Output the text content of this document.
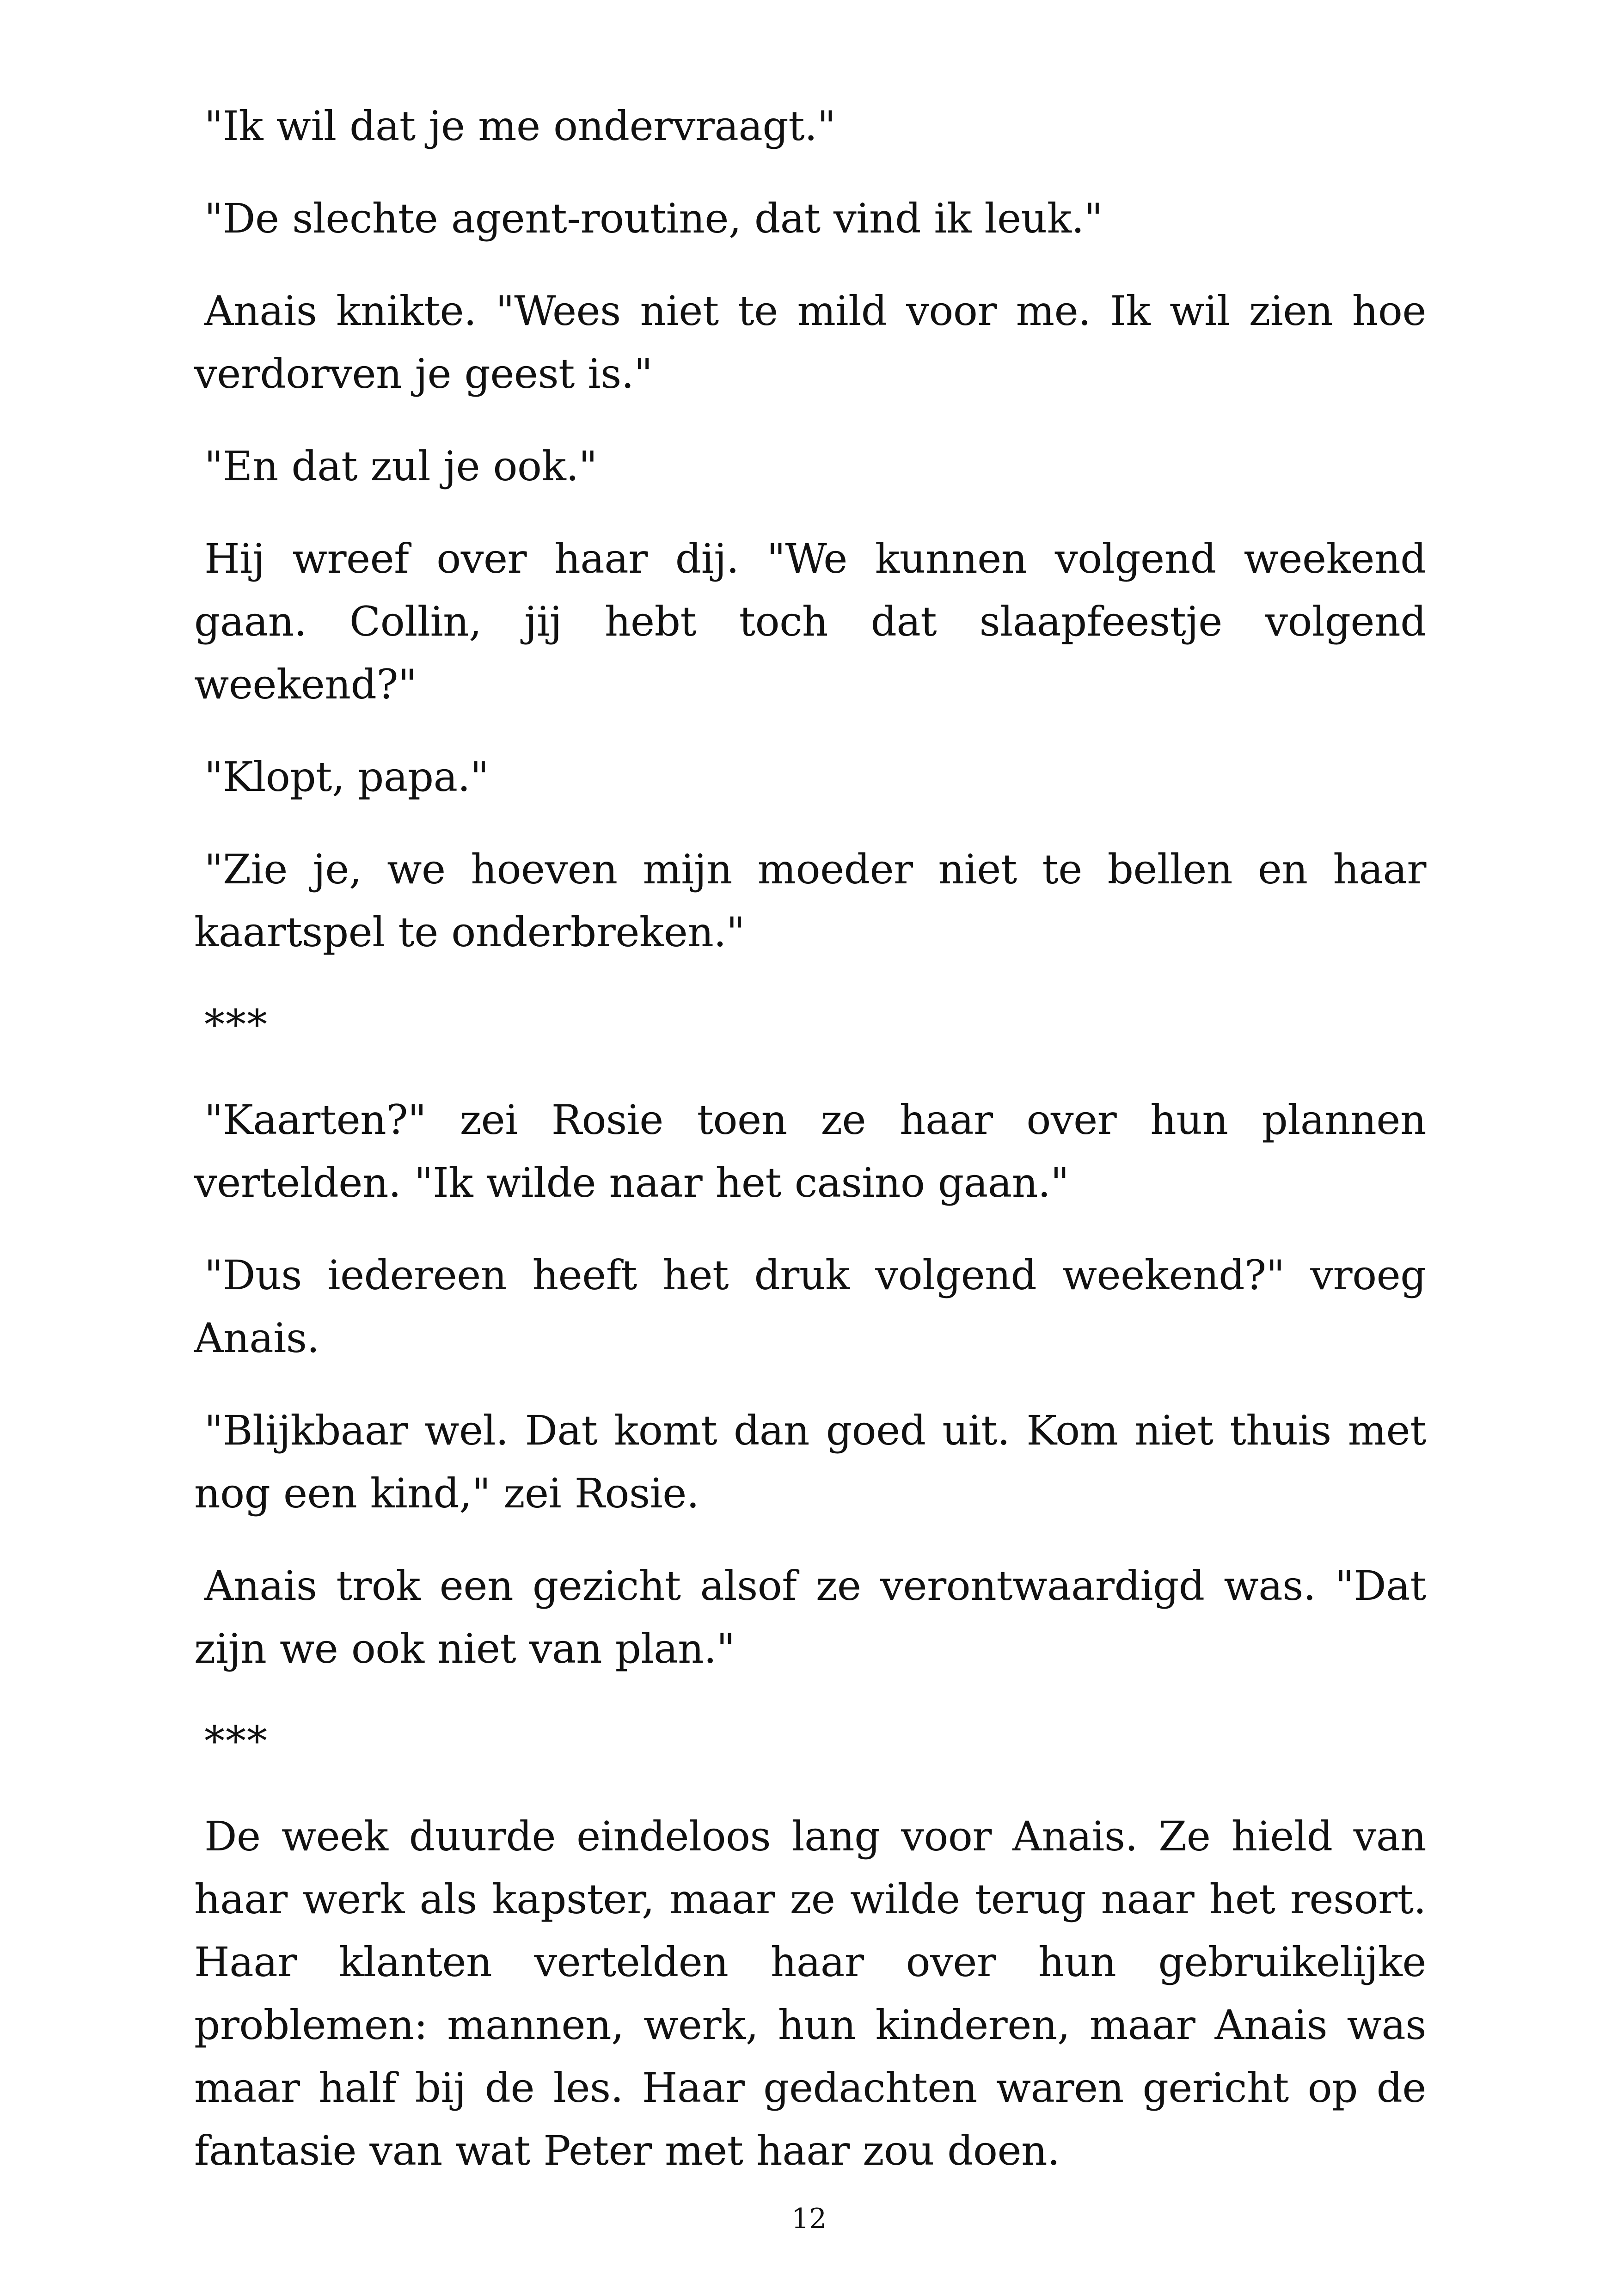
"Ik wil dat je me ondervraagt."

"De slechte agent-routine, dat vind ik leuk."

Anais knikte. "Wees niet te mild voor me. Ik wil zien hoe verdorven je geest is."

"En dat zul je ook."

Hij wreef over haar dij. "We kunnen volgend weekend gaan. Collin, jij hebt toch dat slaapfeestje volgend weekend?"

"Klopt, papa."

"Zie je, we hoeven mijn moeder niet te bellen en haar kaartspel te onderbreken."

***

"Kaarten?" zei Rosie toen ze haar over hun plannen vertelden. "Ik wilde naar het casino gaan."

"Dus iedereen heeft het druk volgend weekend?" vroeg Anais.

"Blijkbaar wel. Dat komt dan goed uit. Kom niet thuis met nog een kind," zei Rosie.

Anais trok een gezicht alsof ze verontwaardigd was. "Dat zijn we ook niet van plan."

***

De week duurde eindeloos lang voor Anais. Ze hield van haar werk als kapster, maar ze wilde terug naar het resort. Haar klanten vertelden haar over hun gebruikelijke problemen: mannen, werk, hun kinderen, maar Anais was maar half bij de les. Haar gedachten waren gericht op de fantasie van wat Peter met haar zou doen.

12
